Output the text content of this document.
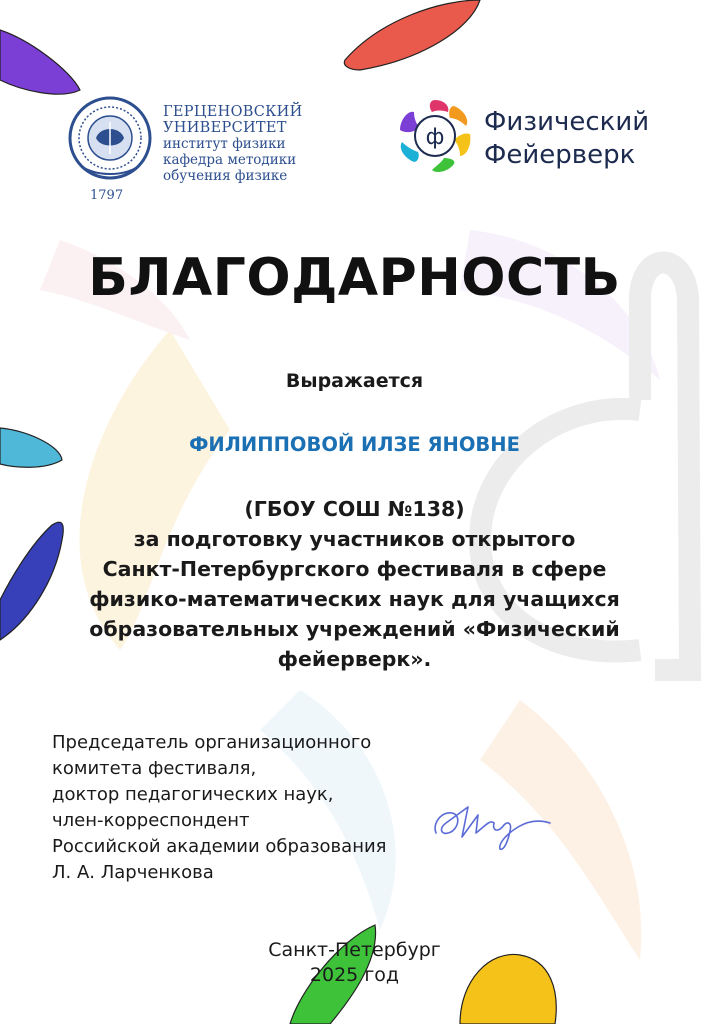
1797
ГЕРЦЕНОВСКИЙ
УНИВЕРСИТЕТ
институт физики
кафедра методики
обучения физике
ф
Физический
Фейерверк
БЛАГОДАРНОСТЬ
Выражается
ФИЛИППОВОЙ ИЛЗЕ ЯНОВНЕ
(ГБОУ СОШ №138)
за подготовку участников открытого
Санкт-Петербургского фестиваля в сфере
физико-математических наук для учащихся
образовательных учреждений «Физический
фейерверк».
Председатель организационного
комитета фестиваля,
доктор педагогических наук,
член-корреспондент
Российской академии образования
Л. А. Ларченкова
Санкт-Петербург
2025 год
